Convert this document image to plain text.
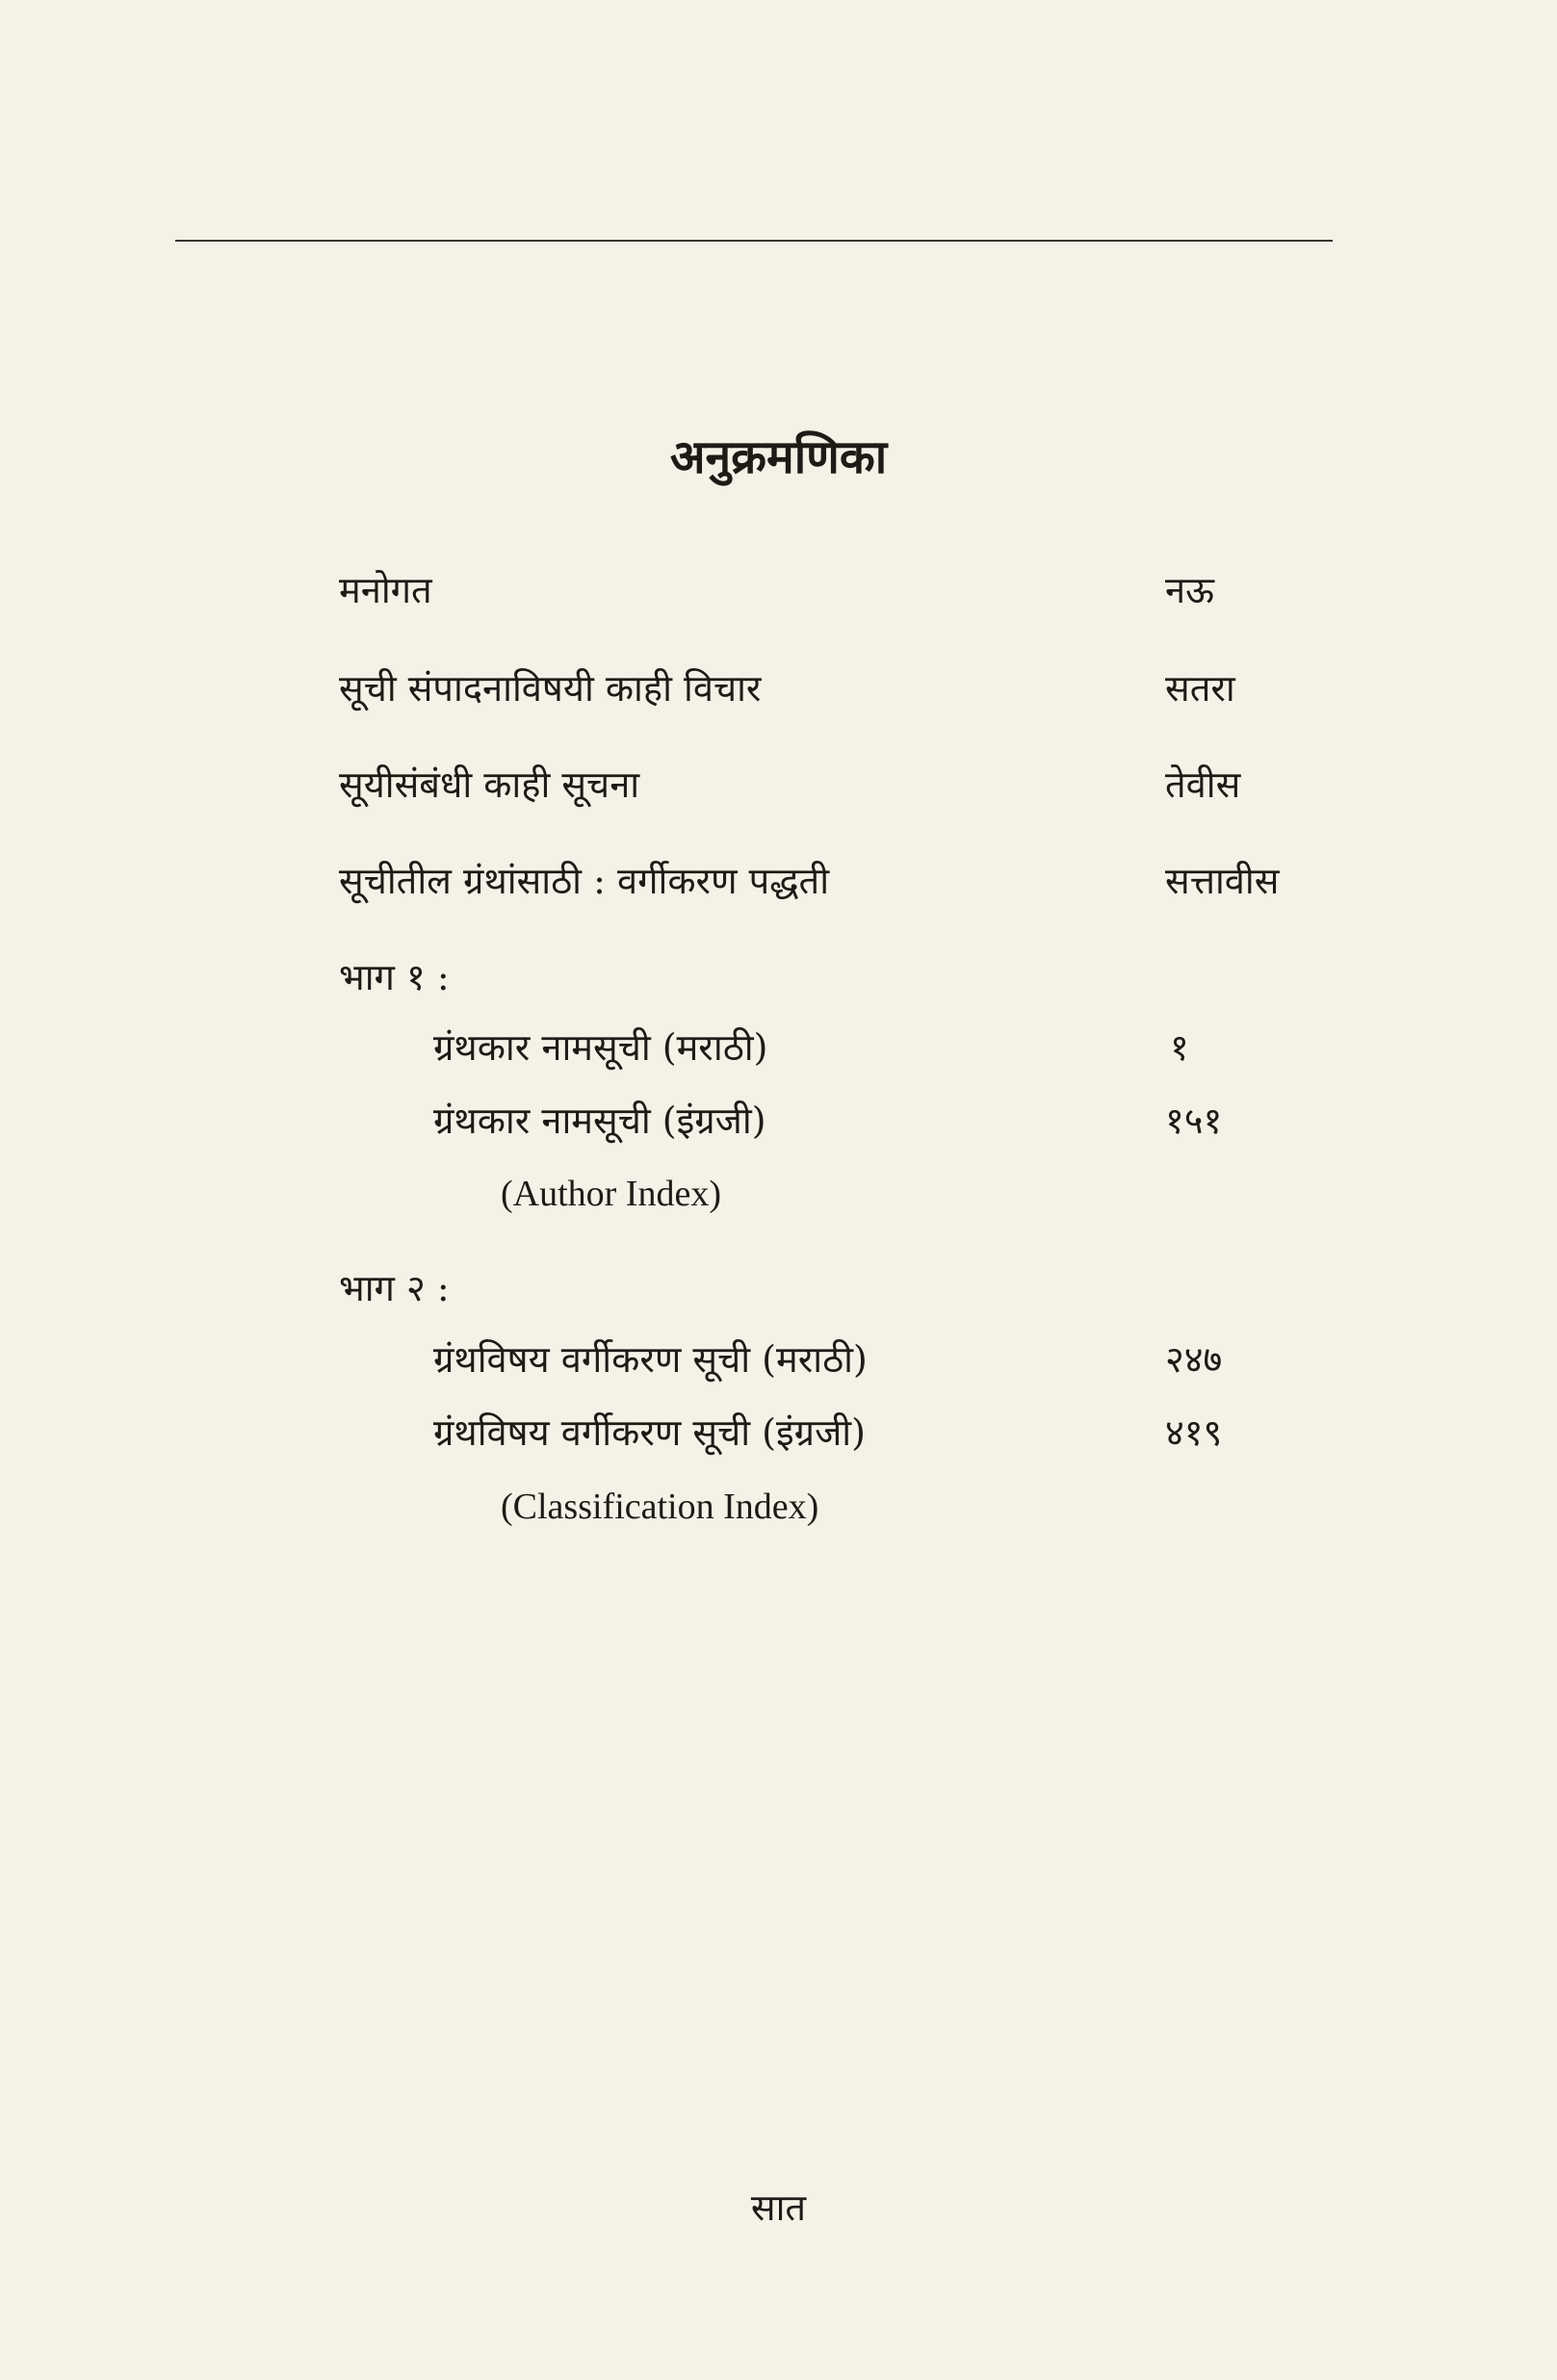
अनुक्रमणिका
मनोगत	नऊ
सूची संपादनाविषयी काही विचार	सतरा
सूयीसंबंधी काही सूचना	तेवीस
सूचीतील ग्रंथांसाठी : वर्गीकरण पद्धती	सत्तावीस
भाग १ :
ग्रंथकार नामसूची (मराठी)	१
ग्रंथकार नामसूची (इंग्रजी)	१५१
(Author Index)
भाग २ :
ग्रंथविषय वर्गीकरण सूची (मराठी)	२४७
ग्रंथविषय वर्गीकरण सूची (इंग्रजी)	४१९
(Classification Index)
सात
